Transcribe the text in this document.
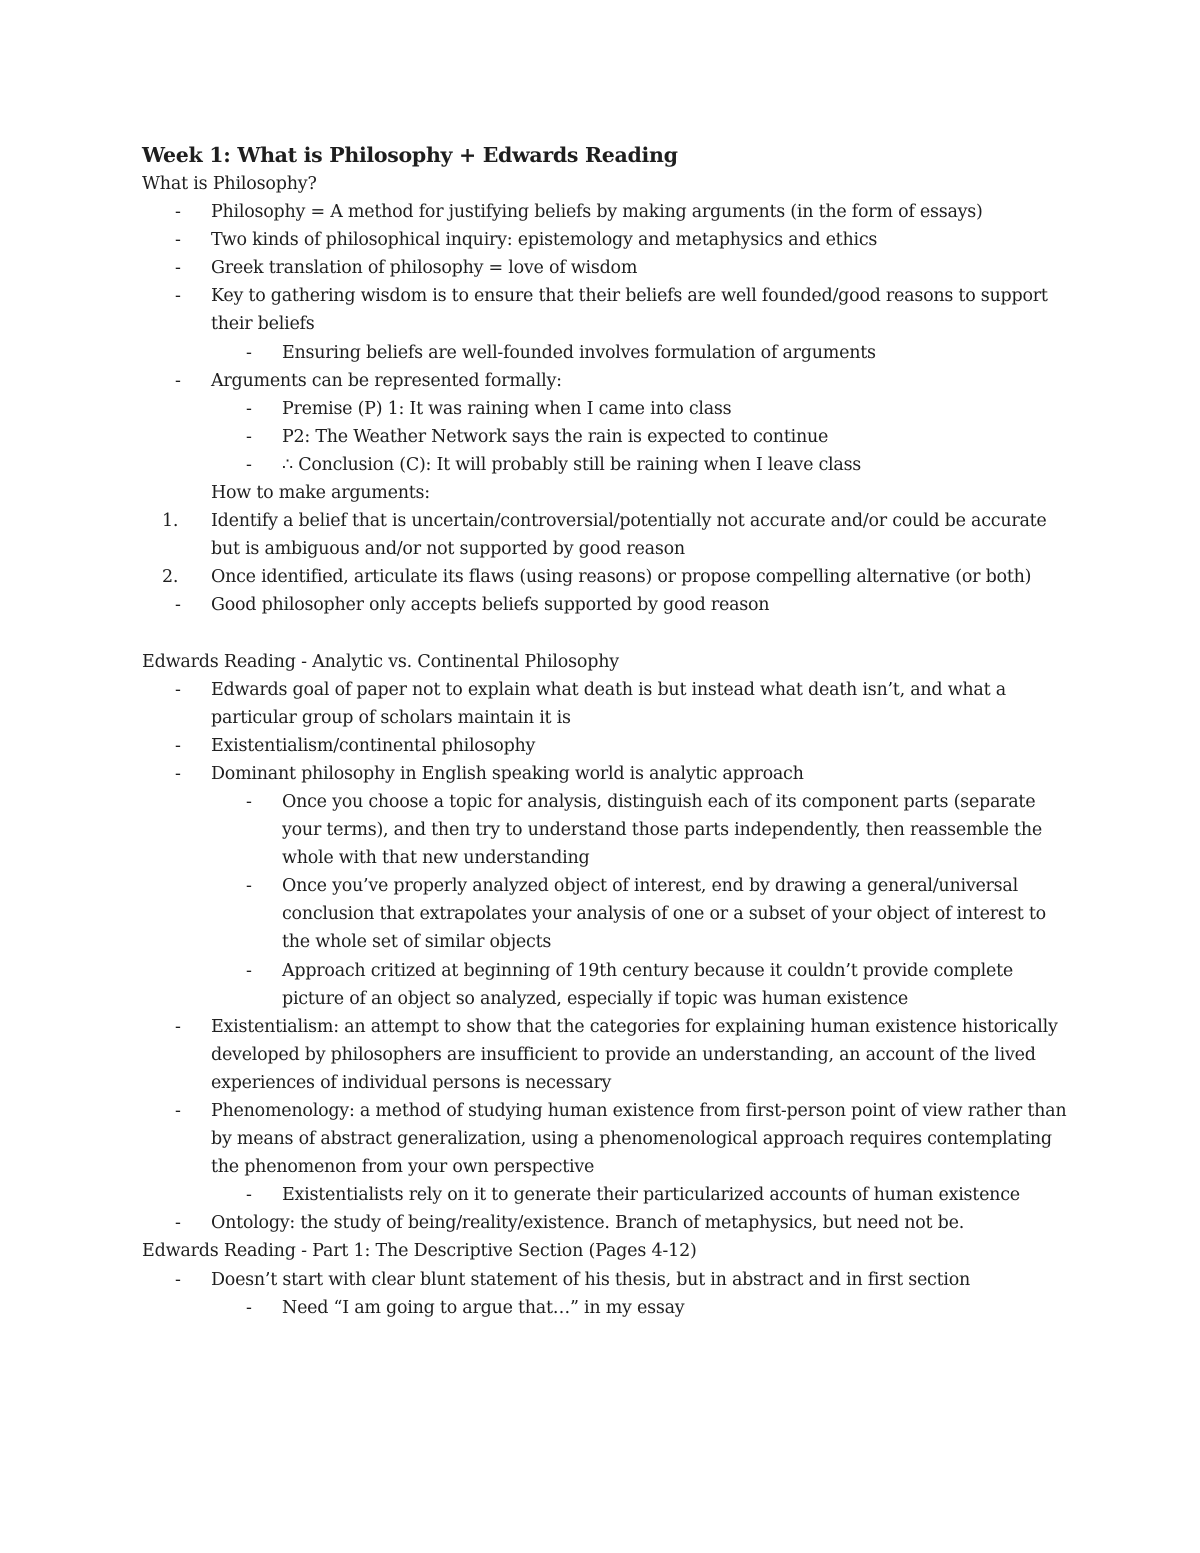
Week 1: What is Philosophy + Edwards Reading
What is Philosophy?
- Philosophy = A method for justifying beliefs by making arguments (in the form of essays)
- Two kinds of philosophical inquiry: epistemology and metaphysics and ethics
- Greek translation of philosophy = love of wisdom
- Key to gathering wisdom is to ensure that their beliefs are well founded/good reasons to support their beliefs
- Ensuring beliefs are well-founded involves formulation of arguments
- Arguments can be represented formally:
- Premise (P) 1: It was raining when I came into class
- P2: The Weather Network says the rain is expected to continue
- ∴ Conclusion (C): It will probably still be raining when I leave class
How to make arguments:
1. Identify a belief that is uncertain/controversial/potentially not accurate and/or could be accurate but is ambiguous and/or not supported by good reason
2. Once identified, articulate its flaws (using reasons) or propose compelling alternative (or both)
- Good philosopher only accepts beliefs supported by good reason
Edwards Reading - Analytic vs. Continental Philosophy
- Edwards goal of paper not to explain what death is but instead what death isn’t, and what a particular group of scholars maintain it is
- Existentialism/continental philosophy
- Dominant philosophy in English speaking world is analytic approach
- Once you choose a topic for analysis, distinguish each of its component parts (separate your terms), and then try to understand those parts independently, then reassemble the whole with that new understanding
- Once you’ve properly analyzed object of interest, end by drawing a general/universal conclusion that extrapolates your analysis of one or a subset of your object of interest to the whole set of similar objects
- Approach critized at beginning of 19th century because it couldn’t provide complete picture of an object so analyzed, especially if topic was human existence
- Existentialism: an attempt to show that the categories for explaining human existence historically developed by philosophers are insufficient to provide an understanding, an account of the lived experiences of individual persons is necessary
- Phenomenology: a method of studying human existence from first-person point of view rather than by means of abstract generalization, using a phenomenological approach requires contemplating the phenomenon from your own perspective
- Existentialists rely on it to generate their particularized accounts of human existence
- Ontology: the study of being/reality/existence. Branch of metaphysics, but need not be.
Edwards Reading - Part 1: The Descriptive Section (Pages 4-12)
- Doesn’t start with clear blunt statement of his thesis, but in abstract and in first section
- Need “I am going to argue that…” in my essay
